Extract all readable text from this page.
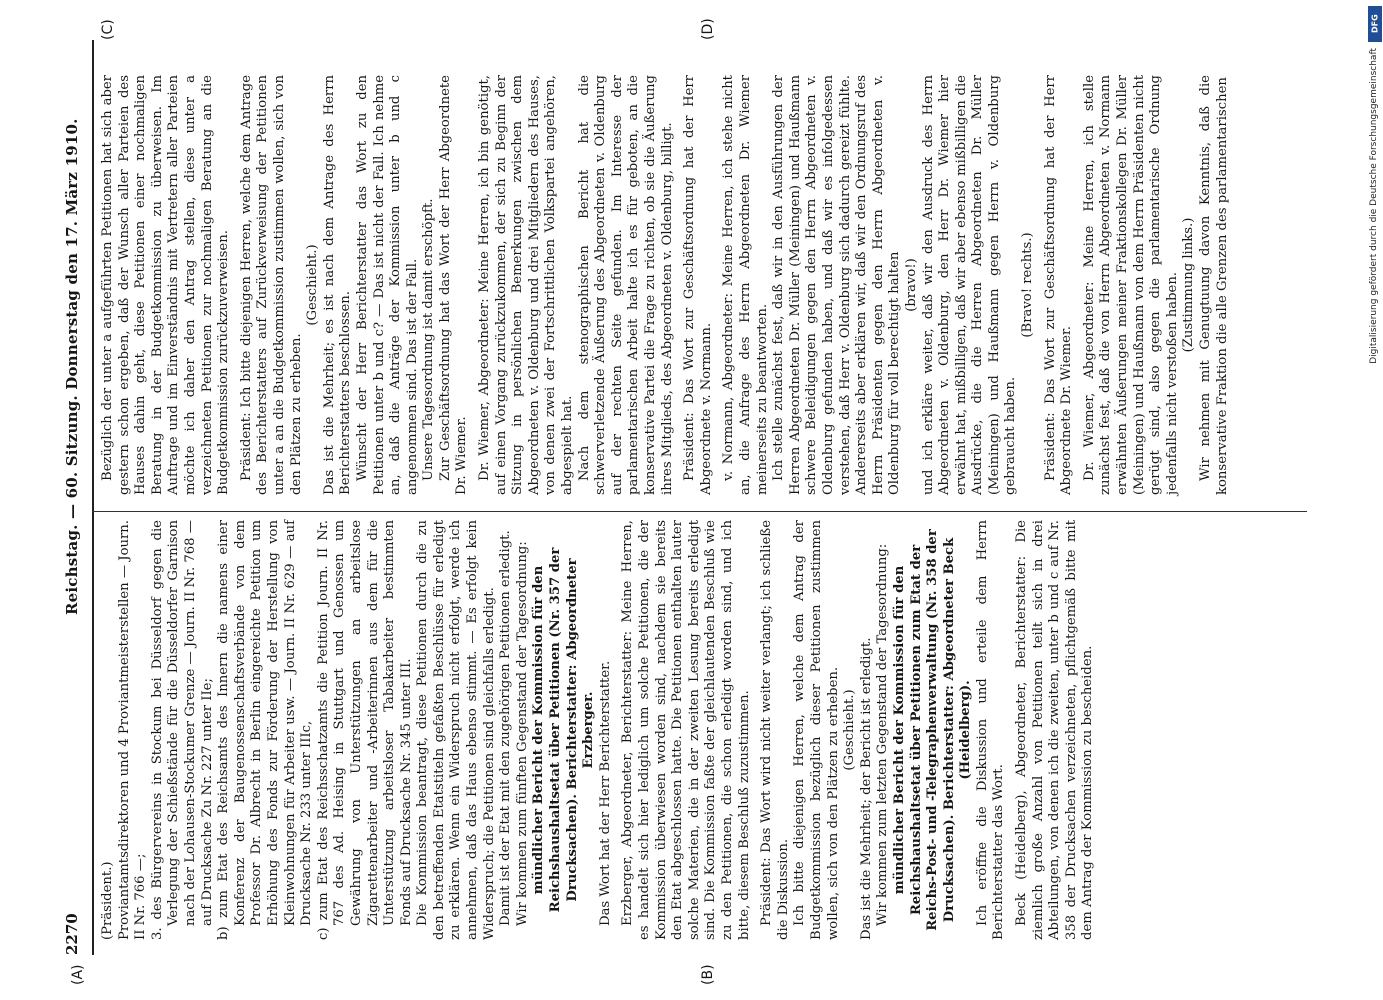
2270
Reichstag. — 60. Sitzung. Donnerstag den 17. März 1910.
(A)	(B)
(C)	(D)

(Präsident.) Proviantamtsdirektoren und 4 Proviantmeisterstellen — Journ. II Nr. 766 —; 3. des Bürgervereins in Stockum bei Düsseldorf gegen die Verlegung der Schießstände für die Düsseldorfer Garnison nach der Lohausen-Stockumer Grenze — Journ. II Nr. 768 — auf Drucksache Zu Nr. 227 unter IIe; b) zum Etat des Reichsamts des Innern die namens einer Konferenz der Baugenossenschaftsverbände von dem Professor Dr. Albrecht in Berlin eingereichte Petition um Erhöhung des Fonds zur Förderung der Herstellung von Kleinwohnungen für Arbeiter usw. — Journ. II Nr. 629 — auf Drucksache Nr. 233 unter IIIc, c) zum Etat des Reichsschatzamts die Petition Journ. II Nr. 767 des Ad. Heising in Stuttgart und Genossen um Gewährung von Unterstützungen an arbeitslose Zigarettenarbeiter und -Arbeiterinnen aus dem für die Unterstützung arbeitsloser Tabakarbeiter bestimmten Fonds auf Drucksache Nr. 345 unter III. Die Kommission beantragt, diese Petitionen durch die zu den betreffenden Etatstiteln gefaßten Beschlüsse für erledigt zu erklären. Wenn ein Widerspruch nicht erfolgt, werde ich annehmen, daß das Haus ebenso stimmt. — Es erfolgt kein Widerspruch; die Petitionen sind gleichfalls erledigt. Damit ist der Etat mit den zugehörigen Petitionen erledigt. Wir kommen zum fünften Gegenstand der Tagesordnung: mündlicher Bericht der Kommission für den Reichshaushaltsetat über Petitionen (Nr. 357 der Drucksachen). Berichterstatter: Abgeordneter Erzberger. Das Wort hat der Herr Berichterstatter. Erzberger, Abgeordneter, Berichterstatter: Meine Herren, es handelt sich hier lediglich um solche Petitionen, die der Kommission überwiesen worden sind, nachdem sie bereits den Etat abgeschlossen hatte. Die Petitionen enthalten lauter solche Materien, die in der zweiten Lesung bereits erledigt sind. Die Kommission faßte der gleichlautenden Beschluß wie zu den Petitionen, die schon erledigt worden sind, und ich bitte, diesem Beschluß zuzustimmen. Präsident: Das Wort wird nicht weiter verlangt; ich schließe die Diskussion. Ich bitte diejenigen Herren, welche dem Antrag der Budgetkommission bezüglich dieser Petitionen zustimmen wollen, sich von den Plätzen zu erheben. (Geschieht.) Das ist die Mehrheit; der Bericht ist erledigt. Wir kommen zum letzten Gegenstand der Tagesordnung: mündlicher Bericht der Kommission für den Reichshaushaltsetat über Petitionen zum Etat der Reichs-Post- und -Telegraphenverwaltung (Nr. 358 der Drucksachen). Berichterstatter: Abgeordneter Beck (Heidelberg). Ich eröffne die Diskussion und erteile dem Herrn Berichterstatter das Wort. Beck (Heidelberg), Abgeordneter, Berichterstatter: Die ziemlich große Anzahl von Petitionen teilt sich in drei Abteilungen, von denen ich die zweiten, unter b und c auf Nr. 358 der Drucksachen verzeichneten, pflichtgemäß bitte mit dem Antrag der Kommission zu bescheiden.

Bezüglich der unter a aufgeführten Petitionen hat sich aber gestern schon ergeben, daß der Wunsch aller Parteien des Hauses dahin geht, diese Petitionen einer nochmaligen Beratung in der Budgetkommission zu überweisen. Im Auftrage und im Einverständnis mit Vertretern aller Parteien möchte ich daher den Antrag stellen, diese unter a verzeichneten Petitionen zur nochmaligen Beratung an die Budgetkommission zurückzuverweisen. Präsident: Ich bitte diejenigen Herren, welche dem Antrage des Berichterstatters auf Zurückverweisung der Petitionen unter a an die Budgetkommission zustimmen wollen, sich von den Plätzen zu erheben.

(Geschieht.) Das ist die Mehrheit; es ist nach dem Antrage des Herrn Berichterstatters beschlossen. Wünscht der Herr Berichterstatter das Wort zu den Petitionen unter b und c? — Das ist nicht der Fall. Ich nehme an, daß die Anträge der Kommission unter b und c angenommen sind. Das ist der Fall. Unsere Tagesordnung ist damit erschöpft. Zur Geschäftsordnung hat das Wort der Herr Abgeordnete Dr. Wiemer. Dr. Wiemer, Abgeordneter: Meine Herren, ich bin genötigt, auf einen Vorgang zurückzukommen, der sich zu Beginn der Sitzung in persönlichen Bemerkungen zwischen dem Abgeordneten v. Oldenburg und drei Mitgliedern des Hauses, von denen zwei der Fortschrittlichen Volkspartei angehören, abgespielt hat. Nach dem stenographischen Bericht hat die schwerverletzende Äußerung des Abgeordneten v. Oldenburg auf der rechten Seite gefunden. Im Interesse der parlamentarischen Arbeit halte ich es für geboten, an die konservative Partei die Frage zu richten, ob sie die Äußerung ihres Mitglieds, des Abgeordneten v. Oldenburg, billigt. Präsident: Das Wort zur Geschäftsordnung hat der Herr Abgeordnete v. Normann. v. Normann, Abgeordneter: Meine Herren, ich stehe nicht an, die Anfrage des Herrn Abgeordneten Dr. Wiemer meinerseits zu beantworten. Ich stelle zunächst fest, daß wir in den Ausführungen der Herren Abgeordneten Dr. Müller (Meiningen) und Haußmann schwere Beleidigungen gegen den Herrn Abgeordneten v. Oldenburg gefunden haben, und daß wir es infolgedessen verstehen, daß Herr v. Oldenburg sich dadurch gereizt fühlte. Andererseits aber erklären wir, daß wir den Ordnungsruf des Herrn Präsidenten gegen den Herrn Abgeordneten v. Oldenburg für voll berechtigt halten (bravo!) und ich erkläre weiter, daß wir den Ausdruck des Herrn Abgeordneten v. Oldenburg, den Herr Dr. Wiemer hier erwähnt hat, mißbilligen, daß wir aber ebenso mißbilligen die Ausdrücke, die die Herren Abgeordneten Dr. Müller (Meiningen) und Haußmann gegen Herrn v. Oldenburg gebraucht haben.

(Bravo! rechts.) Präsident: Das Wort zur Geschäftsordnung hat der Herr Abgeordnete Dr. Wiemer. Dr. Wiemer, Abgeordneter: Meine Herren, ich stelle zunächst fest, daß die von Herrn Abgeordneten v. Normann erwähnten Äußerungen meiner Fraktionskollegen Dr. Müller (Meiningen) und Haußmann von dem Herrn Präsidenten nicht gerügt sind, also gegen die parlamentarische Ordnung jedenfalls nicht verstoßen haben. (Zustimmung links.) Wir nehmen mit Genugtuung davon Kenntnis, daß die konservative Fraktion die alle Grenzen des parlamentarischen

DFG
Digitalisierung gefördert durch die Deutsche Forschungsgemeinschaft
